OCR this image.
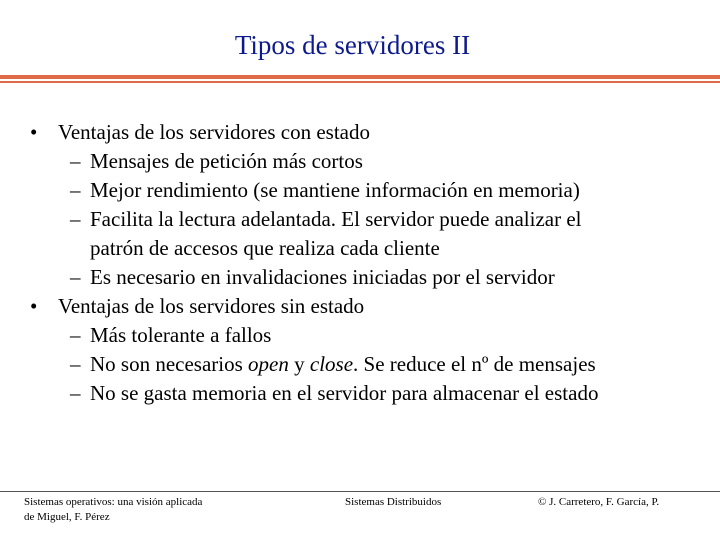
Tipos de servidores II
• Ventajas de los servidores con estado
– Mensajes de petición más cortos
– Mejor rendimiento (se mantiene información en memoria)
– Facilita la lectura adelantada. El servidor puede analizar el
patrón de accesos que realiza cada cliente
– Es necesario en invalidaciones iniciadas por el servidor
• Ventajas de los servidores sin estado
– Más tolerante a fallos
– No son necesarios open y close. Se reduce el nº de mensajes
– No se gasta memoria en el servidor para almacenar el estado
Sistemas operativos: una visión aplicada
de Miguel, F. Pérez
Sistemas Distribuidos	© J. Carretero, F. García, P.
